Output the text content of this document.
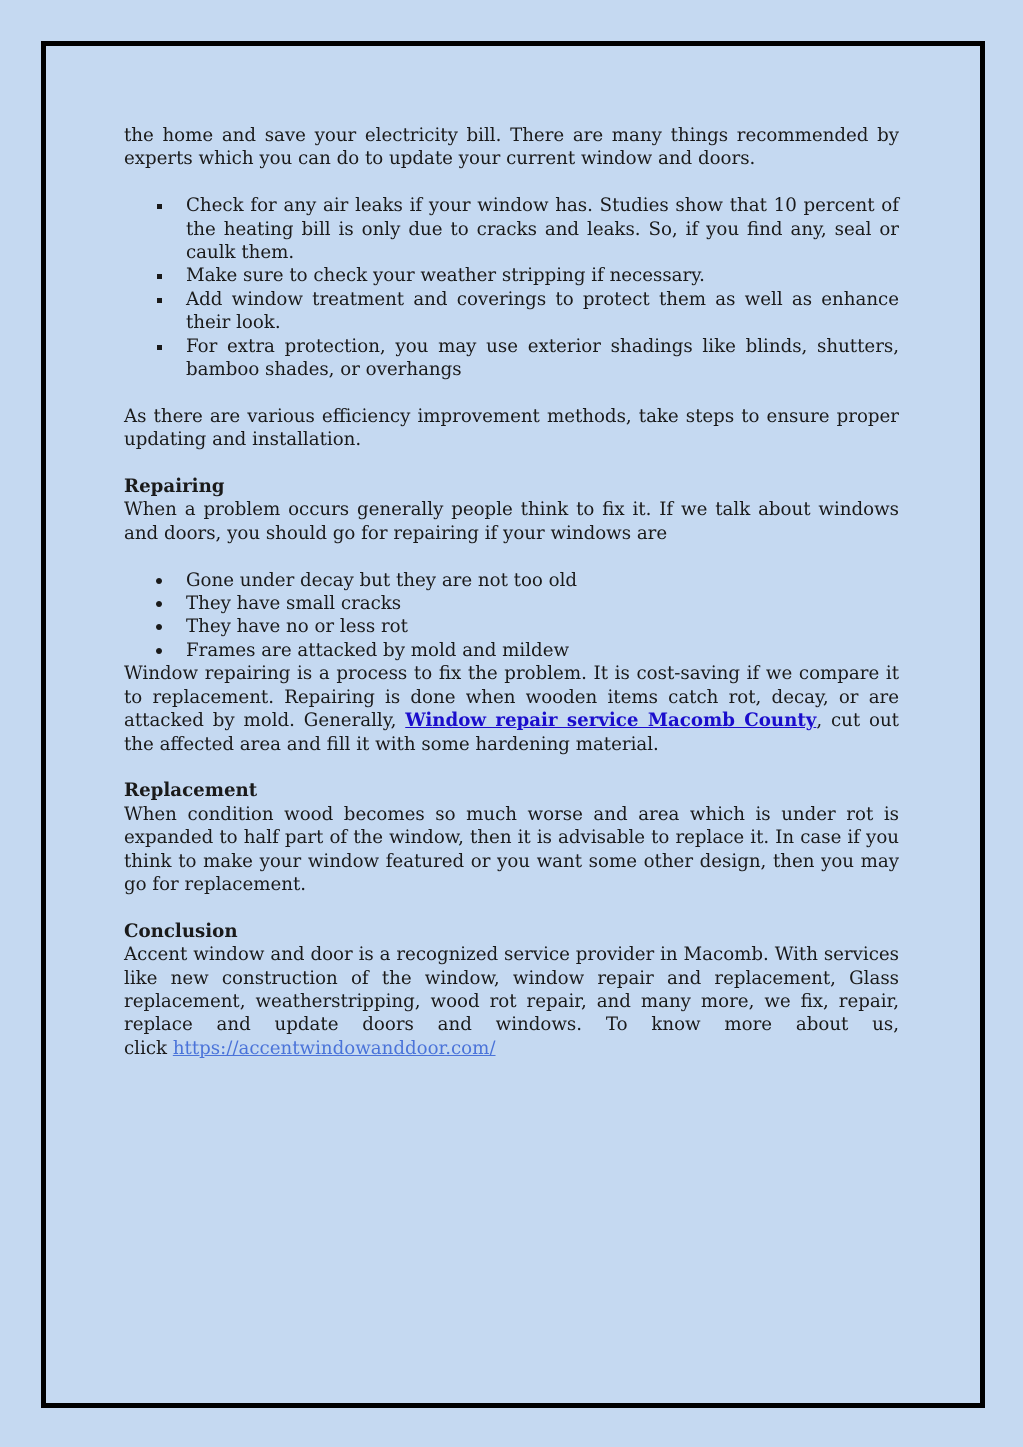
the home and save your electricity bill. There are many things recommended by experts which you can do to update your current window and doors.

Check for any air leaks if your window has. Studies show that 10 percent of the heating bill is only due to cracks and leaks. So, if you find any, seal or caulk them.
Make sure to check your weather stripping if necessary.
Add window treatment and coverings to protect them as well as enhance their look.
For extra protection, you may use exterior shadings like blinds, shutters, bamboo shades, or overhangs

As there are various efficiency improvement methods, take steps to ensure proper updating and installation.

Repairing

When a problem occurs generally people think to fix it. If we talk about windows and doors, you should go for repairing if your windows are

Gone under decay but they are not too old
They have small cracks
They have no or less rot
Frames are attacked by mold and mildew

Window repairing is a process to fix the problem. It is cost-saving if we compare it to replacement. Repairing is done when wooden items catch rot, decay, or are attacked by mold. Generally, Window repair service Macomb County, cut out the affected area and fill it with some hardening material.

Replacement

When condition wood becomes so much worse and area which is under rot is expanded to half part of the window, then it is advisable to replace it. In case if you think to make your window featured or you want some other design, then you may go for replacement.

Conclusion

Accent window and door is a recognized service provider in Macomb. With services like new construction of the window, window repair and replacement, Glass replacement, weatherstripping, wood rot repair, and many more, we fix, repair, replace and update doors and windows. To know more about us,

click https://accentwindowanddoor.com/
